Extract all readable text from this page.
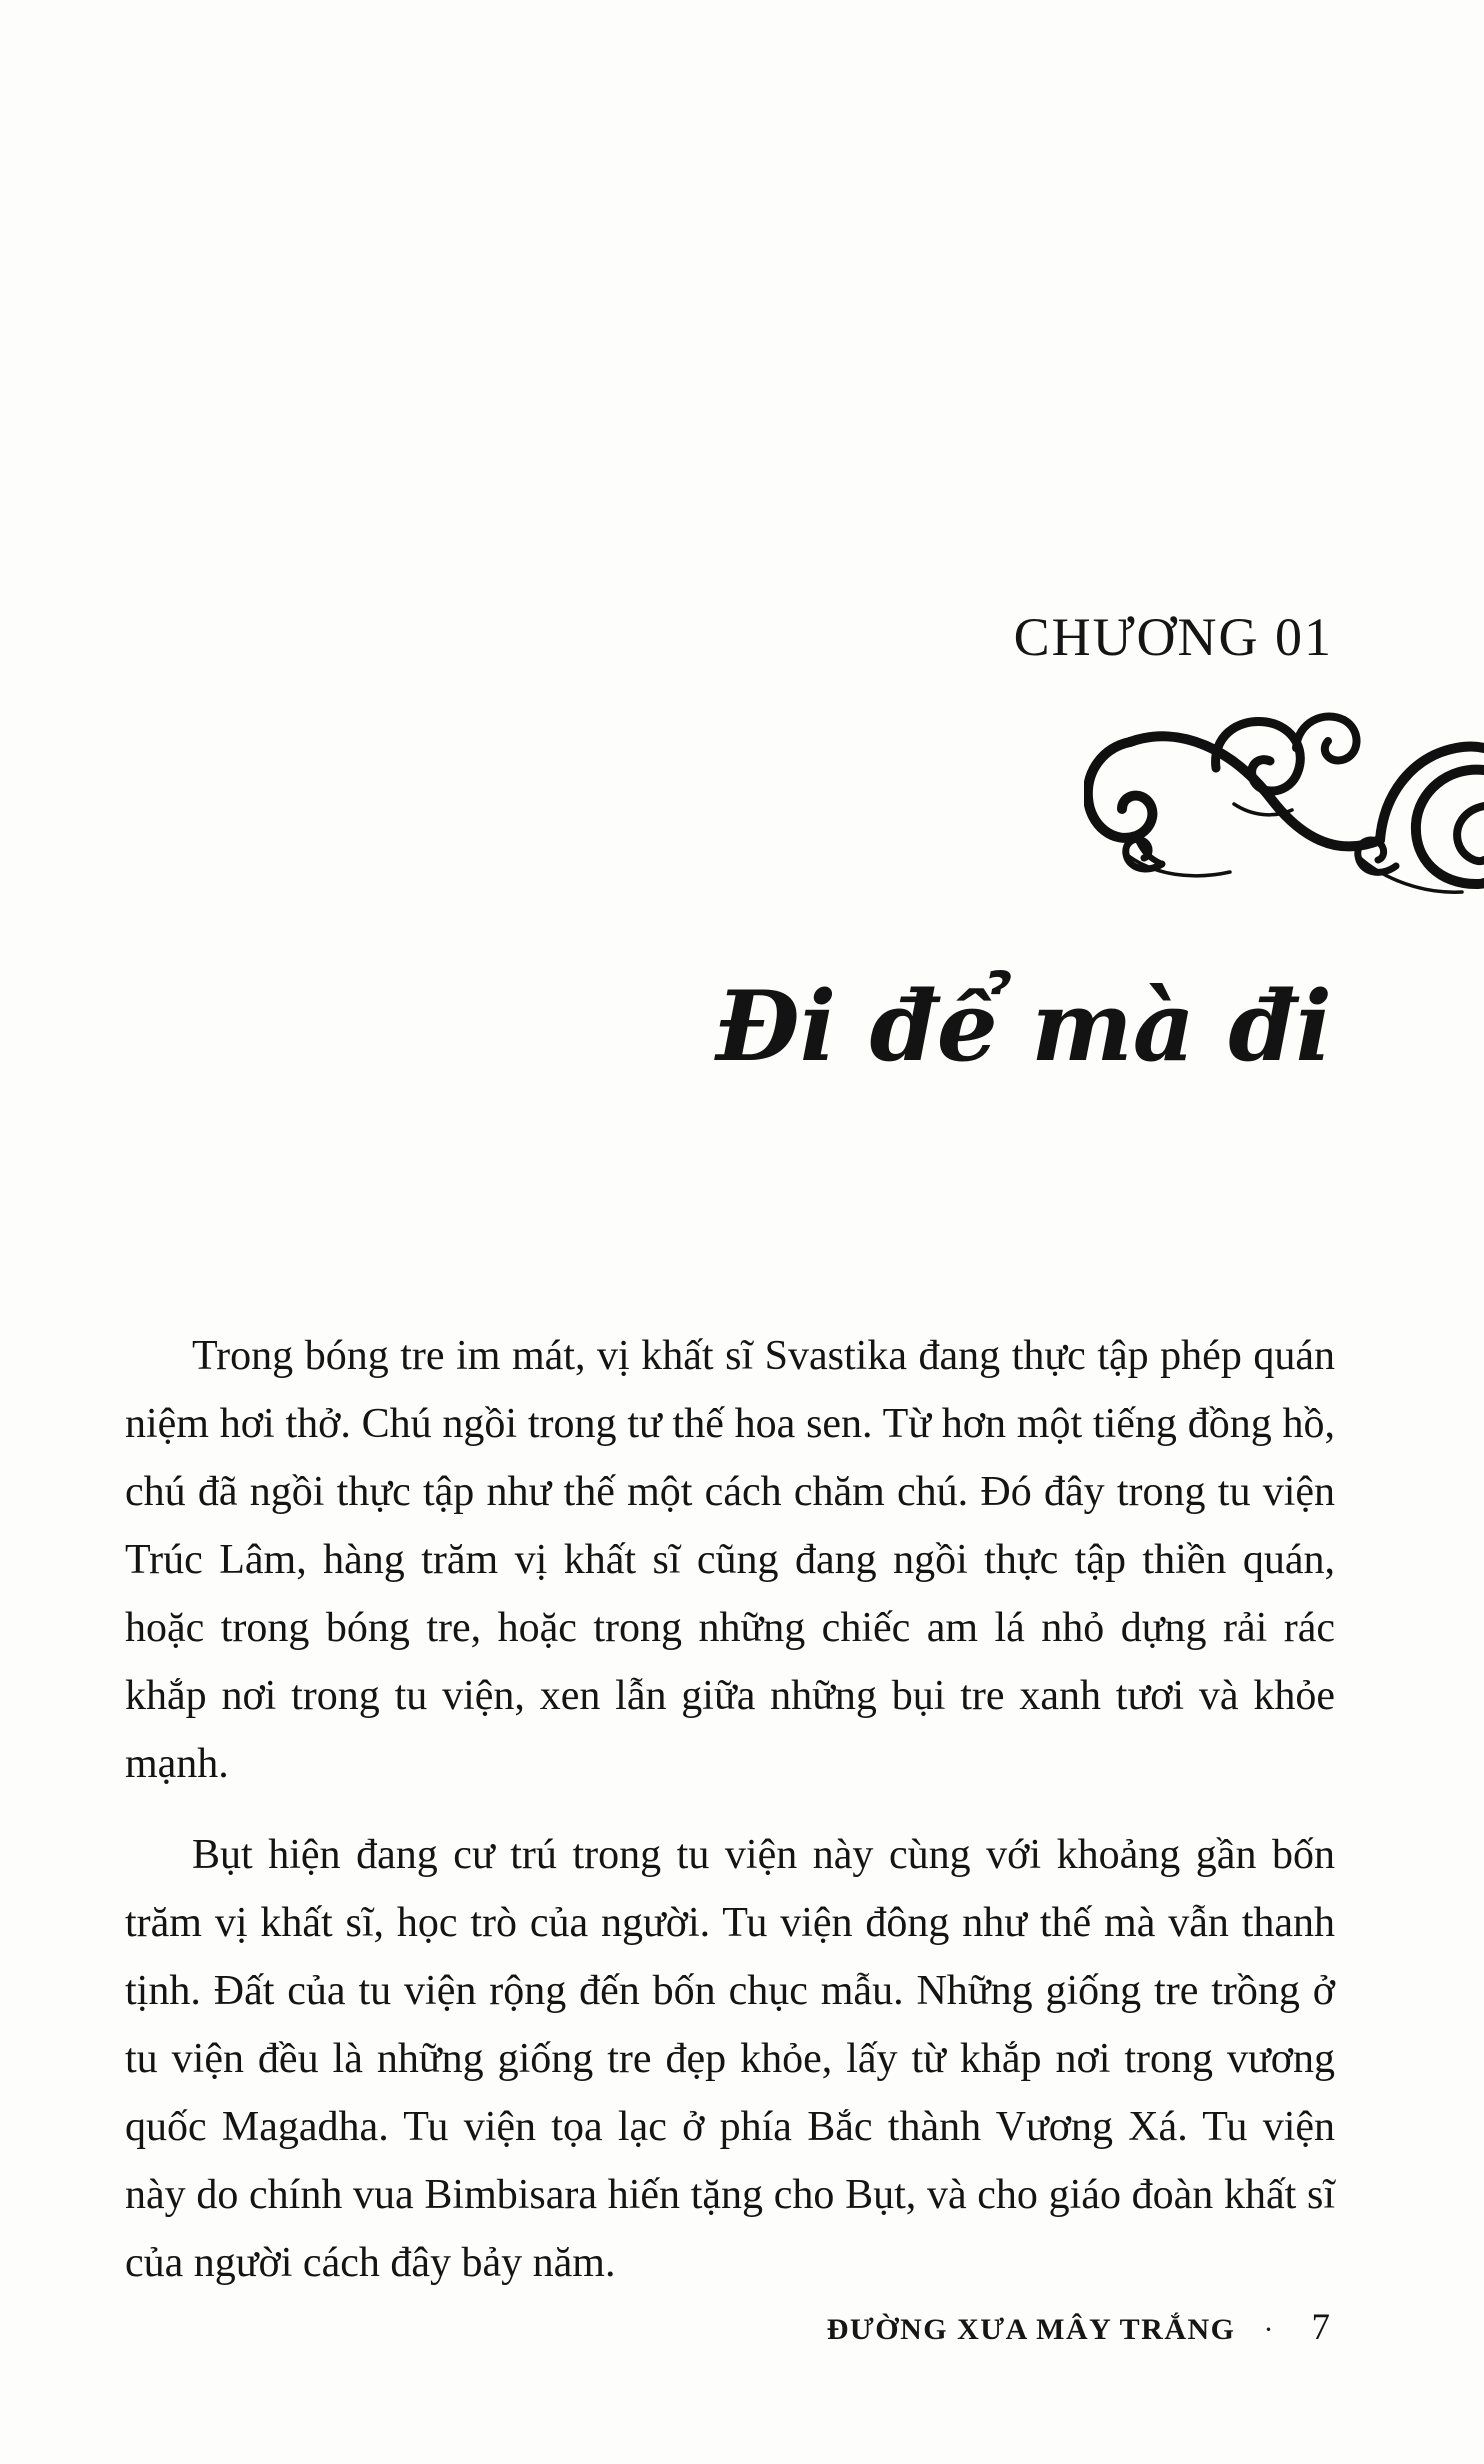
CHƯƠNG 01
Đi để mà đi

Trong bóng tre im mát, vị khất sĩ Svastika đang thực tập phép quán niệm hơi thở. Chú ngồi trong tư thế hoa sen. Từ hơn một tiếng đồng hồ, chú đã ngồi thực tập như thế một cách chăm chú. Đó đây trong tu viện Trúc Lâm, hàng trăm vị khất sĩ cũng đang ngồi thực tập thiền quán, hoặc trong bóng tre, hoặc trong những chiếc am lá nhỏ dựng rải rác khắp nơi trong tu viện, xen lẫn giữa những bụi tre xanh tươi và khỏe mạnh.

Bụt hiện đang cư trú trong tu viện này cùng với khoảng gần bốn trăm vị khất sĩ, học trò của người. Tu viện đông như thế mà vẫn thanh tịnh. Đất của tu viện rộng đến bốn chục mẫu. Những giống tre trồng ở tu viện đều là những giống tre đẹp khỏe, lấy từ khắp nơi trong vương quốc Magadha. Tu viện tọa lạc ở phía Bắc thành Vương Xá. Tu viện này do chính vua Bimbisara hiến tặng cho Bụt, và cho giáo đoàn khất sĩ của người cách đây bảy năm.

ĐƯỜNG XƯA MÂY TRẮNG · 7
